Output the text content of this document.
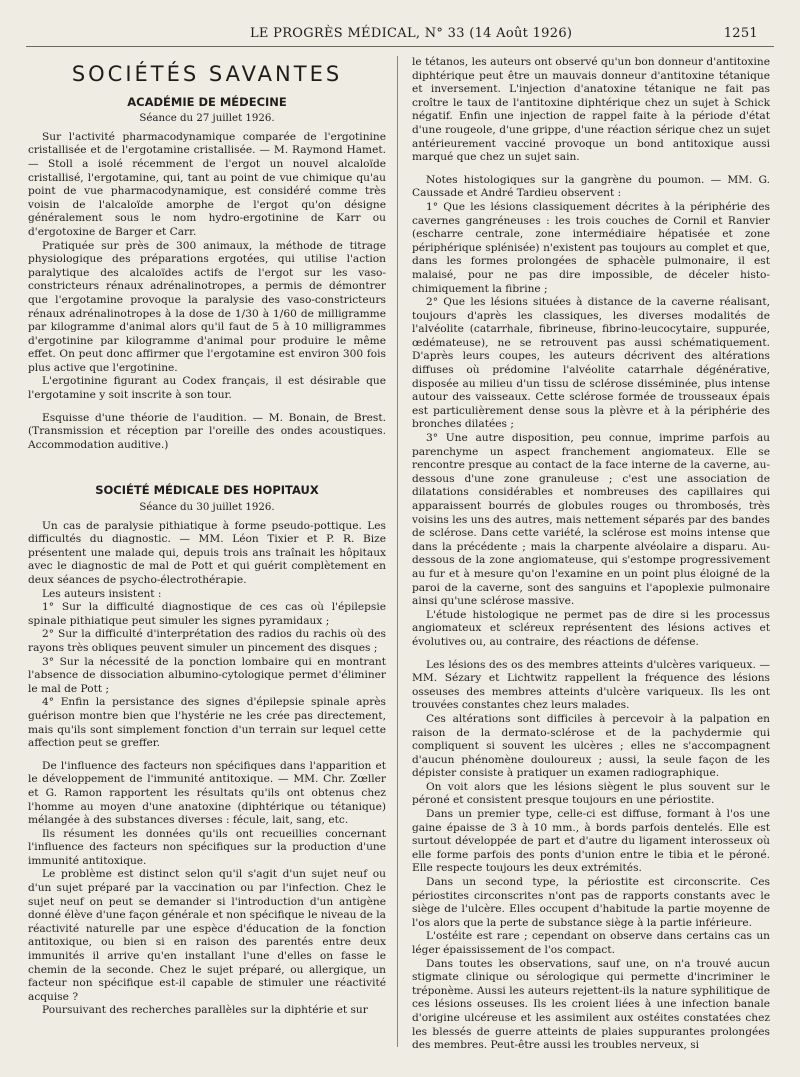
LE PROGRÈS MÉDICAL, N° 33 (14 Août 1926)	1251
SOCIÉTÉS SAVANTES
ACADÉMIE DE MÉDECINE
Séance du 27 juillet 1926.

Sur l'activité pharmacodynamique comparée de l'ergotinine cristallisée et de l'ergotamine cristallisée. — M. Raymond Hamet. — Stoll a isolé récemment de l'ergot un nouvel alcaloïde cristallisé, l'ergotamine, qui, tant au point de vue chimique qu'au point de vue pharmacodynamique, est considéré comme très voisin de l'alcaloïde amorphe de l'ergot qu'on désigne généralement sous le nom hydro-ergotinine de Karr ou d'ergotoxine de Barger et Carr.

Pratiquée sur près de 300 animaux, la méthode de titrage physiologique des préparations ergotées, qui utilise l'action paralytique des alcaloïdes actifs de l'ergot sur les vaso-constricteurs rénaux adrénalinotropes, a permis de démontrer que l'ergotamine provoque la paralysie des vaso-constricteurs rénaux adrénalinotropes à la dose de 1/30 à 1/60 de milligramme par kilogramme d'animal alors qu'il faut de 5 à 10 milligrammes d'ergotinine par kilogramme d'animal pour produire le même effet. On peut donc affirmer que l'ergotamine est environ 300 fois plus active que l'ergotinine.

L'ergotinine figurant au Codex français, il est désirable que l'ergotamine y soit inscrite à son tour.

Esquisse d'une théorie de l'audition. — M. Bonain, de Brest. (Transmission et réception par l'oreille des ondes acoustiques. Accommodation auditive.)

SOCIÉTÉ MÉDICALE DES HOPITAUX
Séance du 30 juillet 1926.

Un cas de paralysie pithiatique à forme pseudo-pottique. Les difficultés du diagnostic. — MM. Léon Tixier et P. R. Bize présentent une malade qui, depuis trois ans traînait les hôpitaux avec le diagnostic de mal de Pott et qui guérit complètement en deux séances de psycho-électrothérapie.

Les auteurs insistent :

1° Sur la difficulté diagnostique de ces cas où l'épilepsie spinale pithiatique peut simuler les signes pyramidaux ;

2° Sur la difficulté d'interprétation des radios du rachis où des rayons très obliques peuvent simuler un pincement des disques ;

3° Sur la nécessité de la ponction lombaire qui en montrant l'absence de dissociation albumino-cytologique permet d'éliminer le mal de Pott ;

4° Enfin la persistance des signes d'épilepsie spinale après guérison montre bien que l'hystérie ne les crée pas directement, mais qu'ils sont simplement fonction d'un terrain sur lequel cette affection peut se greffer.

De l'influence des facteurs non spécifiques dans l'apparition et le développement de l'immunité antitoxique. — MM. Chr. Zœller et G. Ramon rapportent les résultats qu'ils ont obtenus chez l'homme au moyen d'une anatoxine (diphtérique ou tétanique) mélangée à des substances diverses : fécule, lait, sang, etc.

Ils résument les données qu'ils ont recueillies concernant l'influence des facteurs non spécifiques sur la production d'une immunité antitoxique.

Le problème est distinct selon qu'il s'agit d'un sujet neuf ou d'un sujet préparé par la vaccination ou par l'infection. Chez le sujet neuf on peut se demander si l'introduction d'un antigène donné élève d'une façon générale et non spécifique le niveau de la réactivité naturelle par une espèce d'éducation de la fonction antitoxique, ou bien si en raison des parentés entre deux immunités il arrive qu'en installant l'une d'elles on fasse le chemin de la seconde. Chez le sujet préparé, ou allergique, un facteur non spécifique est-il capable de stimuler une réactivité acquise ?

Poursuivant des recherches parallèles sur la diphtérie et sur

le tétanos, les auteurs ont observé qu'un bon donneur d'antitoxine diphtérique peut être un mauvais donneur d'antitoxine tétanique et inversement. L'injection d'anatoxine tétanique ne fait pas croître le taux de l'antitoxine diphtérique chez un sujet à Schick négatif. Enfin une injection de rappel faite à la période d'état d'une rougeole, d'une grippe, d'une réaction sérique chez un sujet antérieurement vacciné provoque un bond antitoxique aussi marqué que chez un sujet sain.

Notes histologiques sur la gangrène du poumon. — MM. G. Caussade et André Tardieu observent :

1° Que les lésions classiquement décrites à la périphérie des cavernes gangréneuses : les trois couches de Cornil et Ranvier (escharre centrale, zone intermédiaire hépatisée et zone périphérique splénisée) n'existent pas toujours au complet et que, dans les formes prolongées de sphacèle pulmonaire, il est malaisé, pour ne pas dire impossible, de déceler histo-chimiquement la fibrine ;

2° Que les lésions situées à distance de la caverne réalisant, toujours d'après les classiques, les diverses modalités de l'alvéolite (catarrhale, fibrineuse, fibrino-leucocytaire, suppurée, œdémateuse), ne se retrouvent pas aussi schématiquement. D'après leurs coupes, les auteurs décrivent des altérations diffuses où prédomine l'alvéolite catarrhale dégénérative, disposée au milieu d'un tissu de sclérose disséminée, plus intense autour des vaisseaux. Cette sclérose formée de trousseaux épais est particulièrement dense sous la plèvre et à la périphérie des bronches dilatées ;

3° Une autre disposition, peu connue, imprime parfois au parenchyme un aspect franchement angiomateux. Elle se rencontre presque au contact de la face interne de la caverne, au-dessous d'une zone granuleuse ; c'est une association de dilatations considérables et nombreuses des capillaires qui apparaissent bourrés de globules rouges ou thrombosés, très voisins les uns des autres, mais nettement séparés par des bandes de sclérose. Dans cette variété, la sclérose est moins intense que dans la précédente ; mais la charpente alvéolaire a disparu. Au-dessous de la zone angiomateuse, qui s'estompe progressivement au fur et à mesure qu'on l'examine en un point plus éloigné de la paroi de la caverne, sont des sanguins et l'apoplexie pulmonaire ainsi qu'une sclérose massive.

L'étude histologique ne permet pas de dire si les processus angiomateux et scléreux représentent des lésions actives et évolutives ou, au contraire, des réactions de défense.

Les lésions des os des membres atteints d'ulcères variqueux. — MM. Sézary et Lichtwitz rappellent la fréquence des lésions osseuses des membres atteints d'ulcère variqueux. Ils les ont trouvées constantes chez leurs malades.

Ces altérations sont difficiles à percevoir à la palpation en raison de la dermato-sclérose et de la pachydermie qui compliquent si souvent les ulcères ; elles ne s'accompagnent d'aucun phénomène douloureux ; aussi, la seule façon de les dépister consiste à pratiquer un examen radiographique.

On voit alors que les lésions siègent le plus souvent sur le péroné et consistent presque toujours en une périostite.

Dans un premier type, celle-ci est diffuse, formant à l'os une gaine épaisse de 3 à 10 mm., à bords parfois dentelés. Elle est surtout développée de part et d'autre du ligament interosseux où elle forme parfois des ponts d'union entre le tibia et le péroné. Elle respecte toujours les deux extrémités.

Dans un second type, la périostite est circonscrite. Ces périostites circonscrites n'ont pas de rapports constants avec le siège de l'ulcère. Elles occupent d'habitude la partie moyenne de l'os alors que la perte de substance siège à la partie inférieure.

L'ostéite est rare ; cependant on observe dans certains cas un léger épaississement de l'os compact.

Dans toutes les observations, sauf une, on n'a trouvé aucun stigmate clinique ou sérologique qui permette d'incriminer le tréponème. Aussi les auteurs rejettent-ils la nature syphilitique de ces lésions osseuses. Ils les croient liées à une infection banale d'origine ulcéreuse et les assimilent aux ostéites constatées chez les blessés de guerre atteints de plaies suppurantes prolongées des membres. Peut-être aussi les troubles nerveux, si
